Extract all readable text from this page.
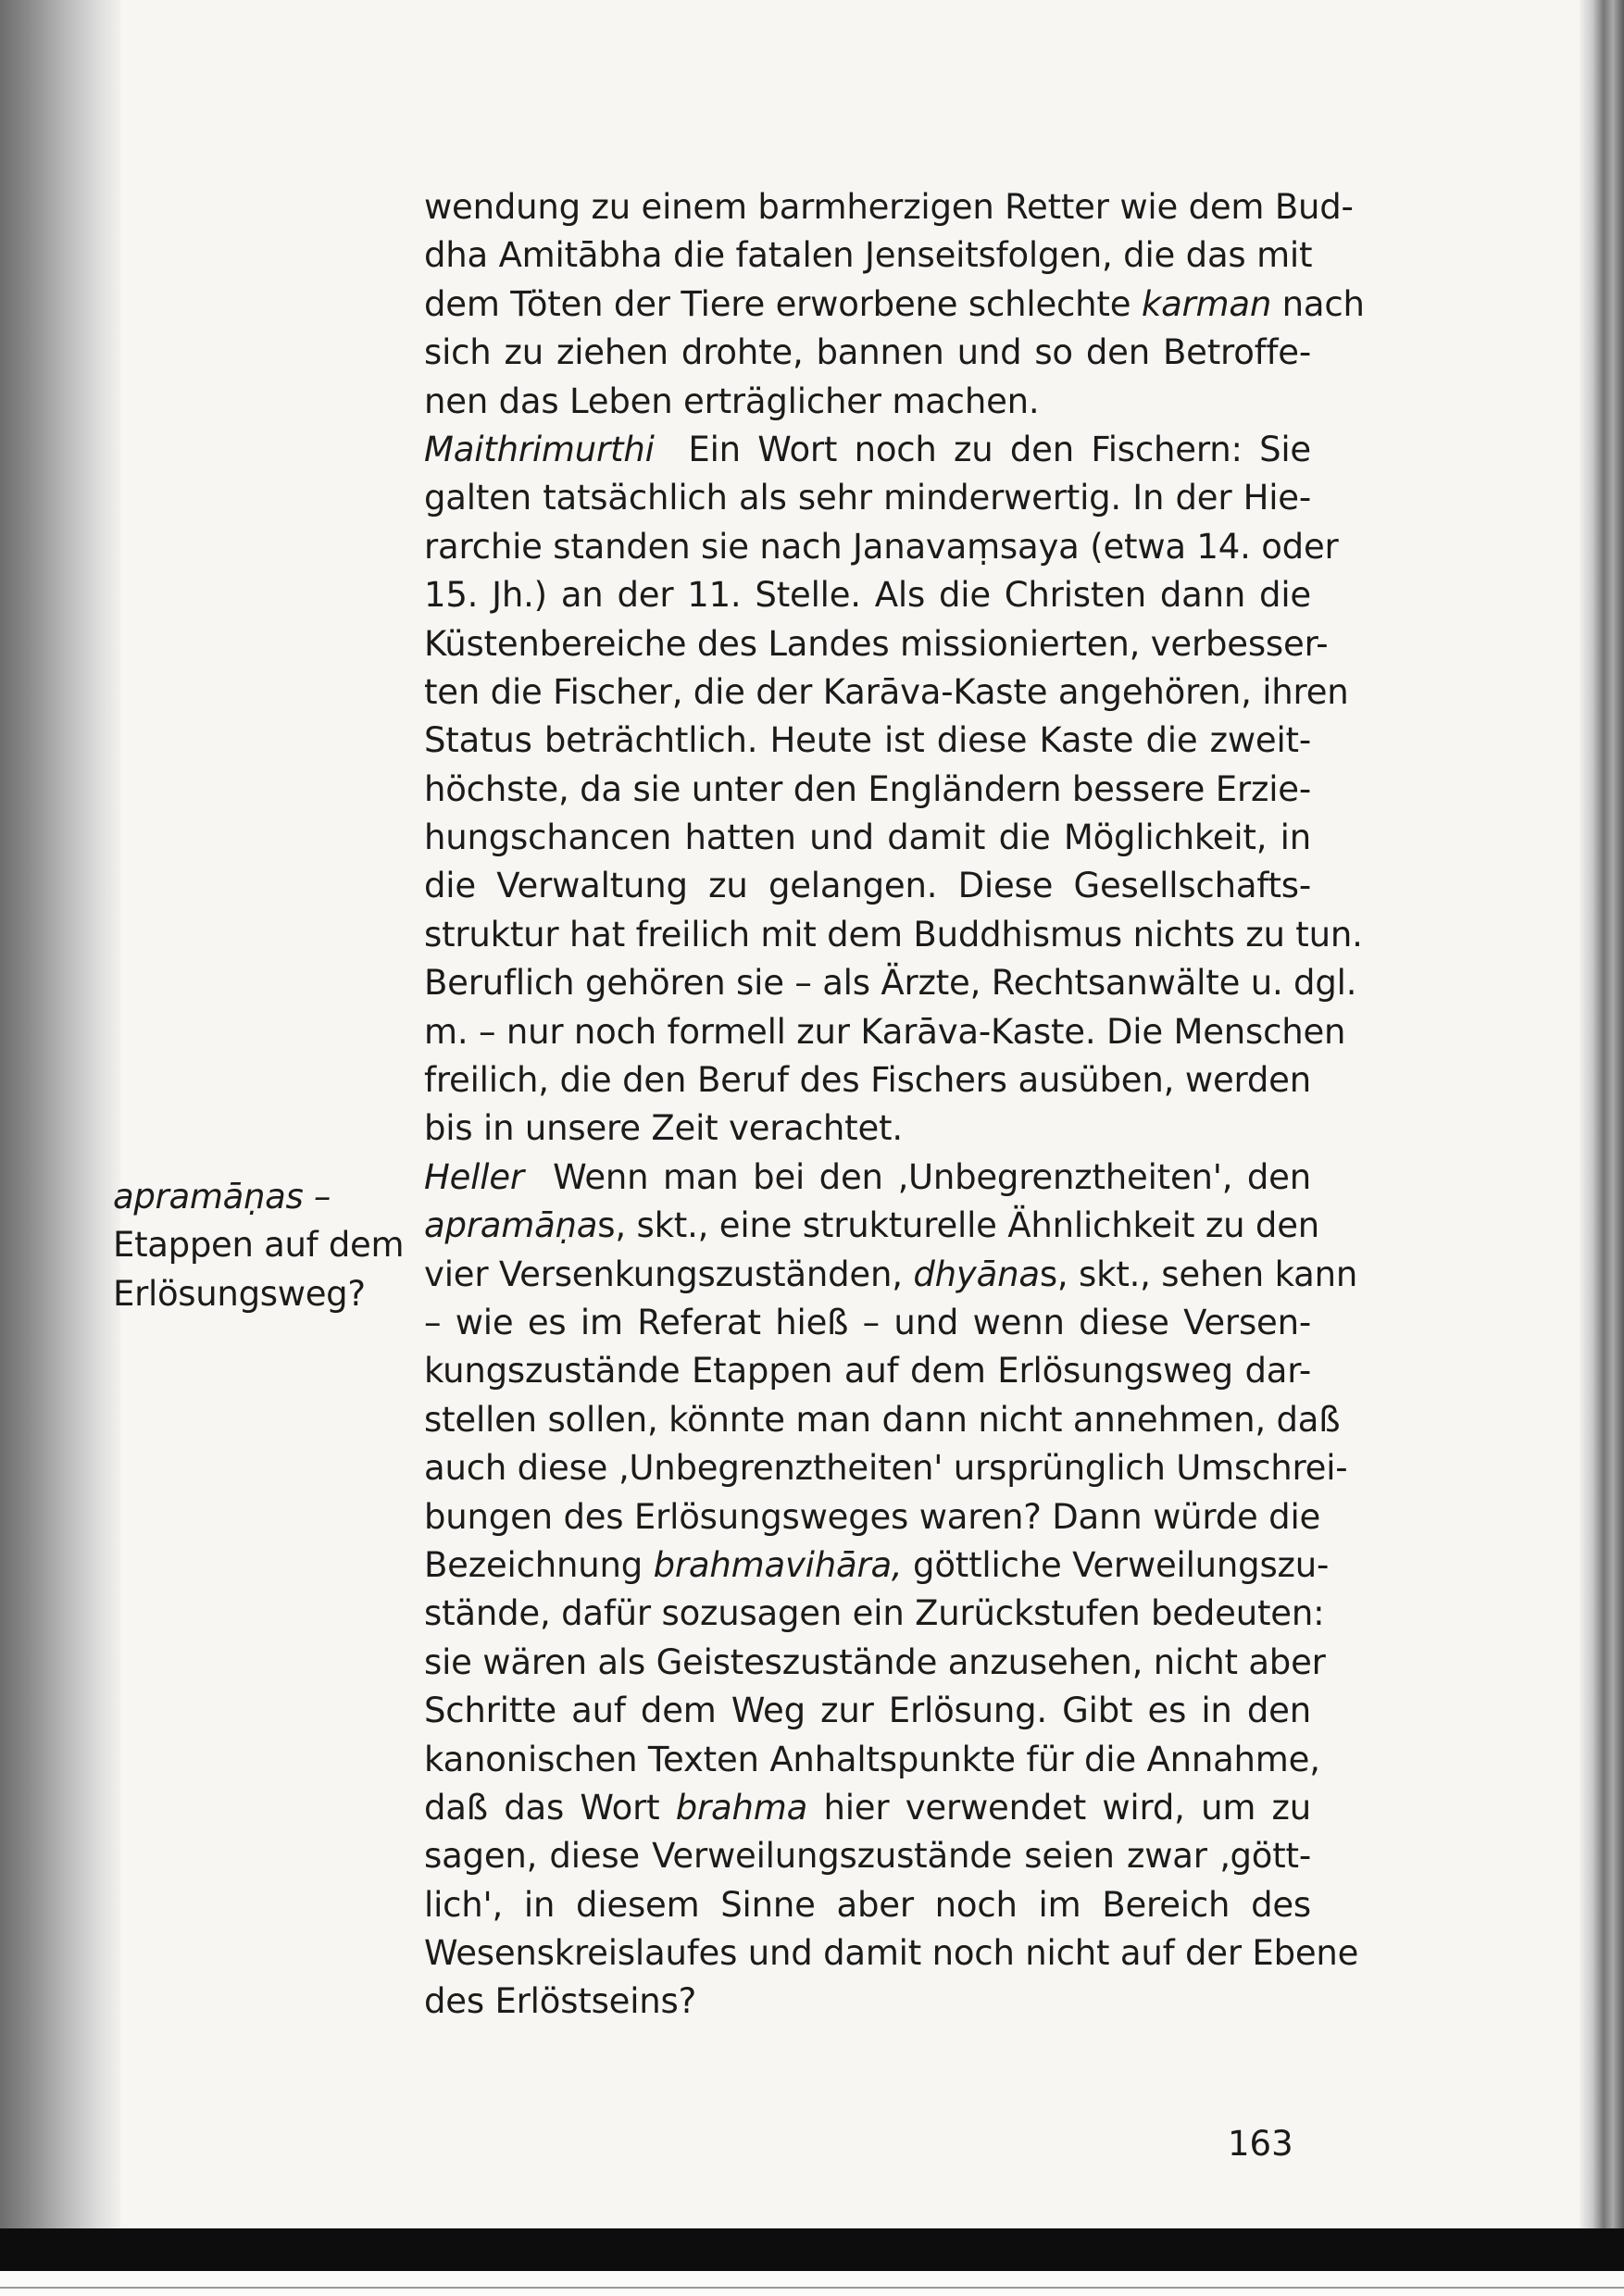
apramāṇas –
Etappen auf dem
Erlösungsweg?
wendung zu einem barmherzigen Retter wie dem Bud-
dha Amitābha die fatalen Jenseitsfolgen, die das mit
dem Töten der Tiere erworbene schlechte karman nach
sich zu ziehen drohte, bannen und so den Betroffe-
nen das Leben erträglicher machen.
Maithrimurthi  Ein Wort noch zu den Fischern: Sie
galten tatsächlich als sehr minderwertig. In der Hie-
rarchie standen sie nach Janavaṃsaya (etwa 14. oder
15. Jh.) an der 11. Stelle. Als die Christen dann die
Küstenbereiche des Landes missionierten, verbesser-
ten die Fischer, die der Karāva-Kaste angehören, ihren
Status beträchtlich. Heute ist diese Kaste die zweit-
höchste, da sie unter den Engländern bessere Erzie-
hungschancen hatten und damit die Möglichkeit, in
die Verwaltung zu gelangen. Diese Gesellschafts-
struktur hat freilich mit dem Buddhismus nichts zu tun.
Beruflich gehören sie – als Ärzte, Rechtsanwälte u. dgl.
m. – nur noch formell zur Karāva-Kaste. Die Menschen
freilich, die den Beruf des Fischers ausüben, werden
bis in unsere Zeit verachtet.
Heller  Wenn man bei den ‚Unbegrenztheiten', den
apramāṇas, skt., eine strukturelle Ähnlichkeit zu den
vier Versenkungszuständen, dhyānas, skt., sehen kann
– wie es im Referat hieß – und wenn diese Versen-
kungszustände Etappen auf dem Erlösungsweg dar-
stellen sollen, könnte man dann nicht annehmen, daß
auch diese ‚Unbegrenztheiten' ursprünglich Umschrei-
bungen des Erlösungsweges waren? Dann würde die
Bezeichnung brahmavihāra, göttliche Verweilungszu-
stände, dafür sozusagen ein Zurückstufen bedeuten:
sie wären als Geisteszustände anzusehen, nicht aber
Schritte auf dem Weg zur Erlösung. Gibt es in den
kanonischen Texten Anhaltspunkte für die Annahme,
daß das Wort brahma hier verwendet wird, um zu
sagen, diese Verweilungszustände seien zwar ‚gött-
lich', in diesem Sinne aber noch im Bereich des
Wesenskreislaufes und damit noch nicht auf der Ebene
des Erlöstseins?
163
